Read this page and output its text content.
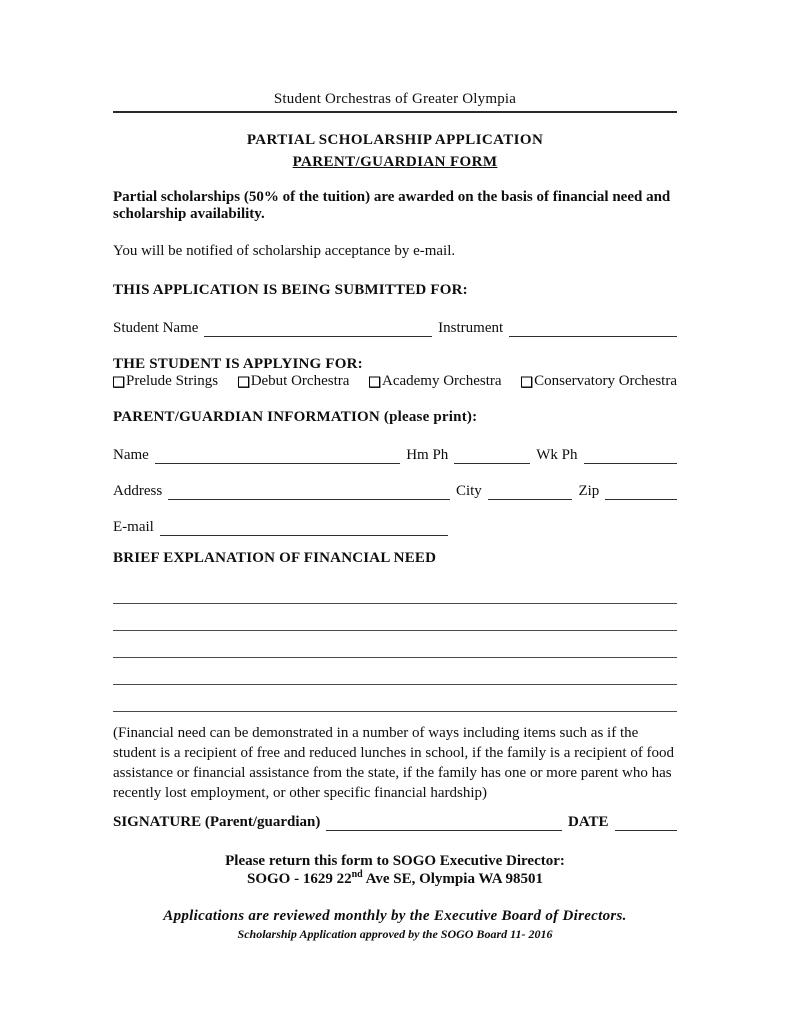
Student Orchestras of Greater Olympia
PARTIAL SCHOLARSHIP APPLICATION
PARENT/GUARDIAN FORM
Partial scholarships (50% of the tuition) are awarded on the basis of financial need and scholarship availability.
You will be notified of scholarship acceptance by e-mail.
THIS APPLICATION IS BEING SUBMITTED FOR:
Student Name	Instrument
THE STUDENT IS APPLYING FOR:
Prelude Strings Debut Orchestra Academy Orchestra Conservatory Orchestra
PARENT/GUARDIAN INFORMATION (please print):
Name	Hm Ph	Wk Ph
Address	City	Zip
E-mail
BRIEF EXPLANATION OF FINANCIAL NEED
(Financial need can be demonstrated in a number of ways including items such as if the student is a recipient of free and reduced lunches in school, if the family is a recipient of food assistance or financial assistance from the state, if the family has one or more parent who has recently lost employment, or other specific financial hardship)
SIGNATURE (Parent/guardian)	DATE
Please return this form to SOGO Executive Director:
SOGO - 1629 22nd Ave SE, Olympia WA 98501
Applications are reviewed monthly by the Executive Board of Directors.
Scholarship Application approved by the SOGO Board 11- 2016
